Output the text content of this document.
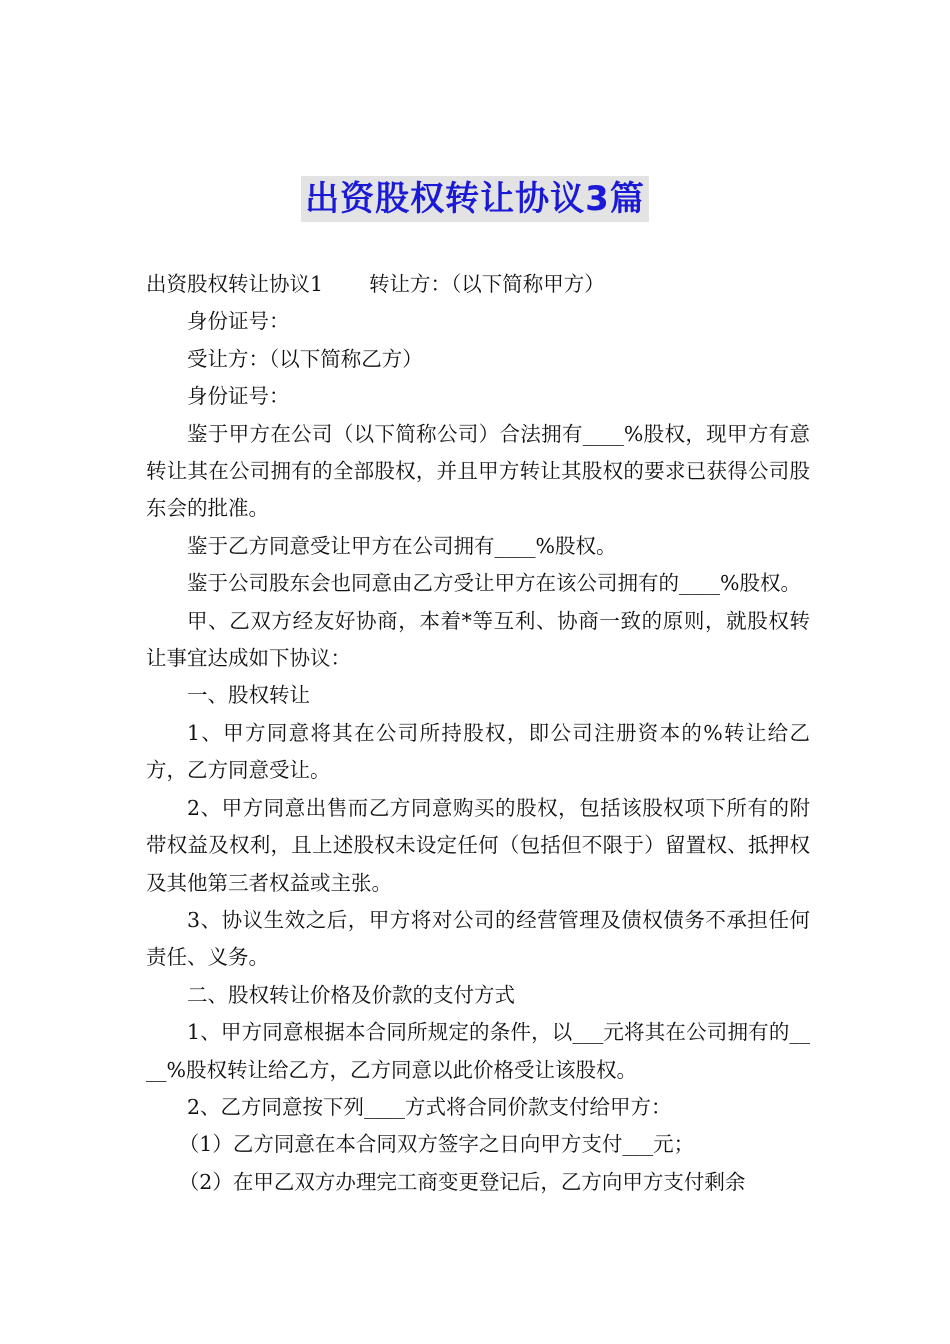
出资股权转让协议3篇

出资股权转让协议1 转让方：（以下简称甲方）

身份证号：

受让方：（以下简称乙方）

身份证号：

鉴于甲方在公司（以下简称公司）合法拥有____%股权，现甲方有意转让其在公司拥有的全部股权，并且甲方转让其股权的要求已获得公司股东会的批准。

鉴于乙方同意受让甲方在公司拥有____%股权。

鉴于公司股东会也同意由乙方受让甲方在该公司拥有的____%股权。

甲、乙双方经友好协商，本着*等互利、协商一致的原则，就股权转让事宜达成如下协议：

一、股权转让

1、甲方同意将其在公司所持股权，即公司注册资本的%转让给乙方，乙方同意受让。

2、甲方同意出售而乙方同意购买的股权，包括该股权项下所有的附带权益及权利，且上述股权未设定任何（包括但不限于）留置权、抵押权及其他第三者权益或主张。

3、协议生效之后，甲方将对公司的经营管理及债权债务不承担任何责任、义务。

二、股权转让价格及价款的支付方式

1、甲方同意根据本合同所规定的条件，以___元将其在公司拥有的____%股权转让给乙方，乙方同意以此价格受让该股权。

2、乙方同意按下列____方式将合同价款支付给甲方：

（1）乙方同意在本合同双方签字之日向甲方支付___元；

（2）在甲乙双方办理完工商变更登记后，乙方向甲方支付剩余
